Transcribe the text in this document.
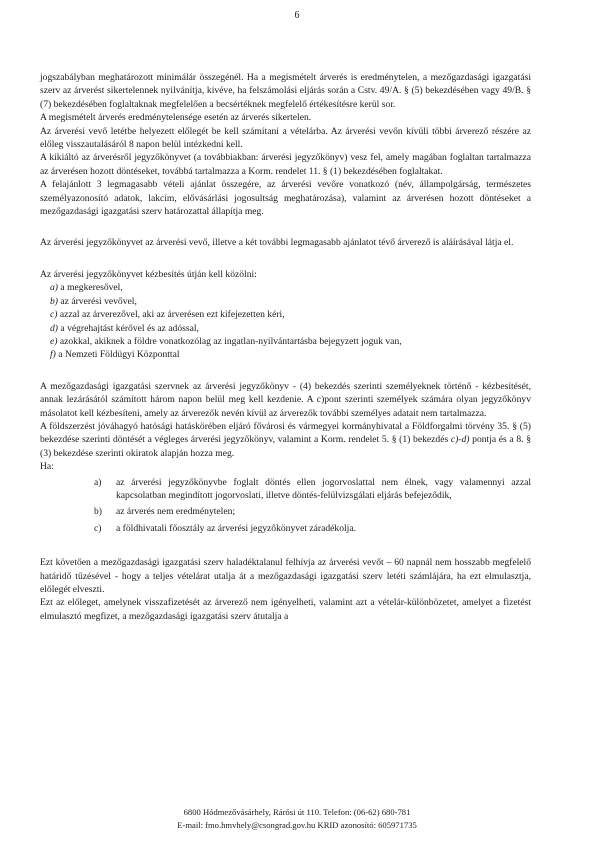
6

jogszabályban meghatározott minimálár összegénél. Ha a megismételt árverés is eredménytelen, a mezőgazdasági igazgatási szerv az árverést sikertelennek nyilvánítja, kivéve, ha felszámolási eljárás során a Cstv. 49/A. § (5) bekezdésében vagy 49/B. § (7) bekezdésében foglaltaknak megfelelően a becsértéknek megfelelő értékesítésre kerül sor.

A megismételt árverés eredménytelensége esetén az árverés sikertelen.

Az árverési vevő letétbe helyezett előlegét be kell számítani a vételárba. Az árverési vevőn kívüli többi árverező részére az előleg visszautalásáról 8 napon belül intézkedni kell.

A kikiáltó az árverésről jegyzőkönyvet (a továbbiakban: árverési jegyzőkönyv) vesz fel, amely magában foglaltan tartalmazza az árverésen hozott döntéseket, továbbá tartalmazza a Korm. rendelet 11. § (1) bekezdésében foglaltakat.

A felajánlott 3 legmagasabb vételi ajánlat összegére, az árverési vevőre vonatkozó (név, állampolgárság, természetes személyazonosító adatok, lakcím, elővásárlási jogosultság meghatározása), valamint az árverésen hozott döntéseket a mezőgazdasági igazgatási szerv határozattal állapítja meg.

Az árverési jegyzőkönyvet az árverési vevő, illetve a két további legmagasabb ajánlatot tévő árverező is aláírásával látja el.

Az árverési jegyzőkönyvet kézbesítés útján kell közölni:

a) a megkeresővel,
b) az árverési vevővel,
c) azzal az árverezővel, aki az árverésen ezt kifejezetten kéri,
d) a végrehajtást kérővel és az adóssal,
e) azokkal, akiknek a földre vonatkozólag az ingatlan-nyilvántartásba bejegyzett joguk van,
f) a Nemzeti Földügyi Központtal

A mezőgazdasági igazgatási szervnek az árverési jegyzőkönyv - (4) bekezdés szerinti személyeknek történő - kézbesítését, annak lezárásától számított három napon belül meg kell kezdenie. A c)pont szerinti személyek számára olyan jegyzőkönyv másolatot kell kézbesíteni, amely az árverezők nevén kívül az árverezők további személyes adatait nem tartalmazza.

A földszerzést jóváhagyó hatósági hatáskörében eljáró fővárosi és vármegyei kormányhivatal a Földforgalmi törvény 35. § (5) bekezdése szerinti döntését a végleges árverési jegyzőkönyv, valamint a Korm. rendelet 5. § (1) bekezdés c)-d) pontja és a 8. § (3) bekezdése szerinti okiratok alapján hozza meg.

Ha:

a)	az árverési jegyzőkönyvbe foglalt döntés ellen jogorvoslattal nem élnek, vagy valamennyi azzal kapcsolatban megindított jogorvoslati, illetve döntés-felülvizsgálati eljárás befejeződik,
b)	az árverés nem eredménytelen;
c)	a földhivatali főosztály az árverési jegyzőkönyvet záradékolja.

Ezt követően a mezőgazdasági igazgatási szerv haladéktalanul felhívja az árverési vevőt – 60 napnál nem hosszabb megfelelő határidő tűzésével - hogy a teljes vételárat utalja át a mezőgazdasági igazgatási szerv letéti számlájára, ha ezt elmulasztja, előlegét elveszti.

Ezt az előleget, amelynek visszafizetését az árverező nem igényelheti, valamint azt a vételár-különbözetet, amelyet a fizetést elmulasztó megfizet, a mezőgazdasági igazgatási szerv átutalja a

6800 Hódmezővásárhely, Rárósi út 110. Telefon: (06-62) 680-781
E-mail: fmo.hmvhely@csongrad.gov.hu KRID azonosító: 605971735
